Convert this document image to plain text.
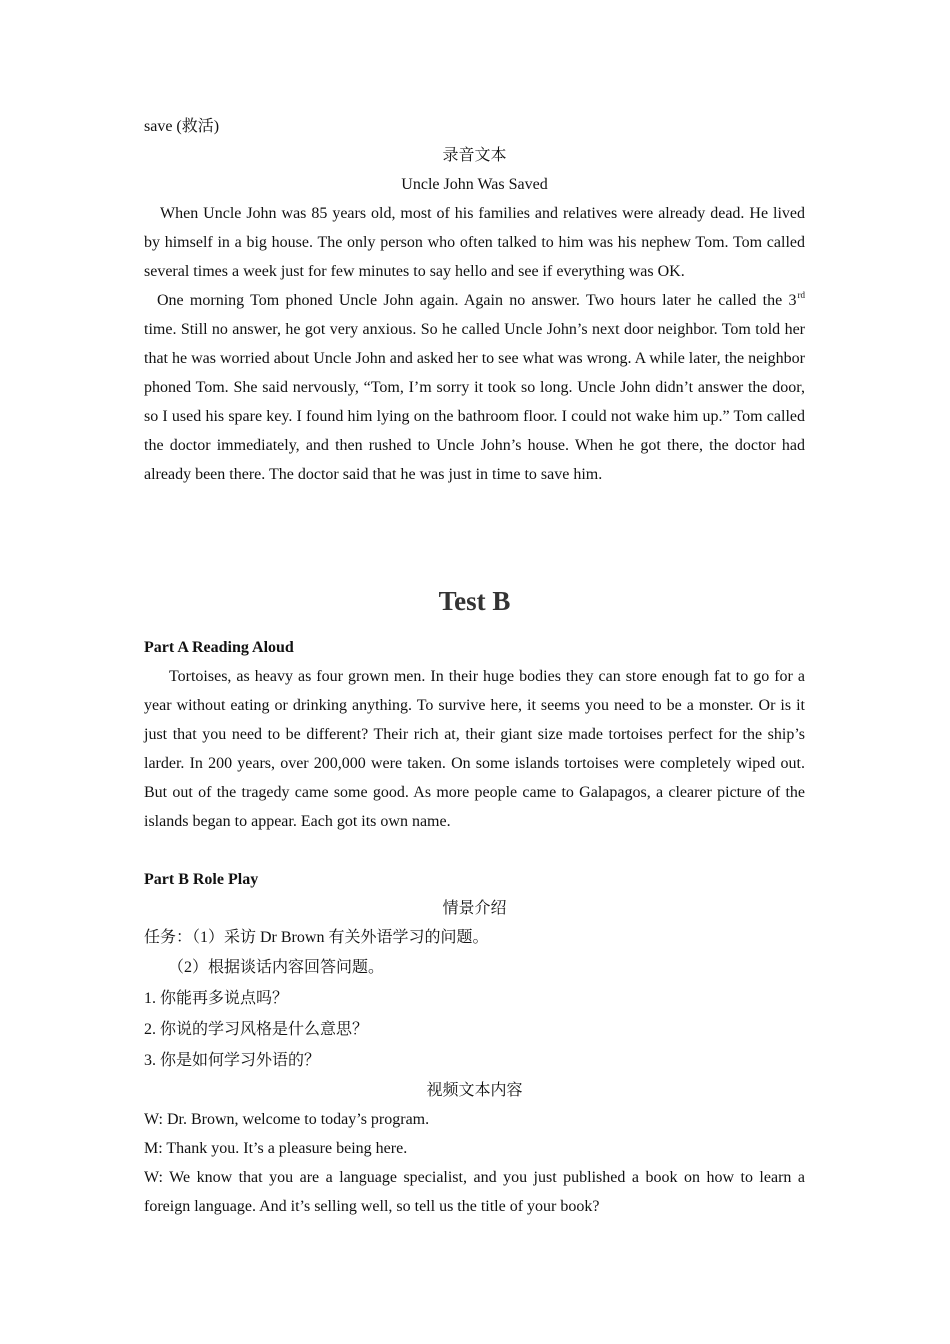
save (救活)

录音文本

Uncle John Was Saved

When Uncle John was 85 years old, most of his families and relatives were already dead. He lived by himself in a big house. The only person who often talked to him was his nephew Tom. Tom called several times a week just for few minutes to say hello and see if everything was OK.

One morning Tom phoned Uncle John again. Again no answer. Two hours later he called the 3rd time. Still no answer, he got very anxious. So he called Uncle John’s next door neighbor. Tom told her that he was worried about Uncle John and asked her to see what was wrong. A while later, the neighbor phoned Tom. She said nervously, “Tom, I’m sorry it took so long. Uncle John didn’t answer the door, so I used his spare key. I found him lying on the bathroom floor. I could not wake him up.” Tom called the doctor immediately, and then rushed to Uncle John’s house. When he got there, the doctor had already been there. The doctor said that he was just in time to save him.

Test B

Part A Reading Aloud

Tortoises, as heavy as four grown men. In their huge bodies they can store enough fat to go for a year without eating or drinking anything. To survive here, it seems you need to be a monster. Or is it just that you need to be different? Their rich at, their giant size made tortoises perfect for the ship’s larder. In 200 years, over 200,000 were taken. On some islands tortoises were completely wiped out. But out of the tragedy came some good. As more people came to Galapagos, a clearer picture of the islands began to appear. Each got its own name.

Part B Role Play

情景介绍

任务：（1）采访 Dr Brown 有关外语学习的问题。

（2）根据谈话内容回答问题。

1. 你能再多说点吗？

2. 你说的学习风格是什么意思？

3. 你是如何学习外语的？

视频文本内容

W: Dr. Brown, welcome to today’s program.

M: Thank you. It’s a pleasure being here.

W: We know that you are a language specialist, and you just published a book on how to learn a foreign language. And it’s selling well, so tell us the title of your book?
